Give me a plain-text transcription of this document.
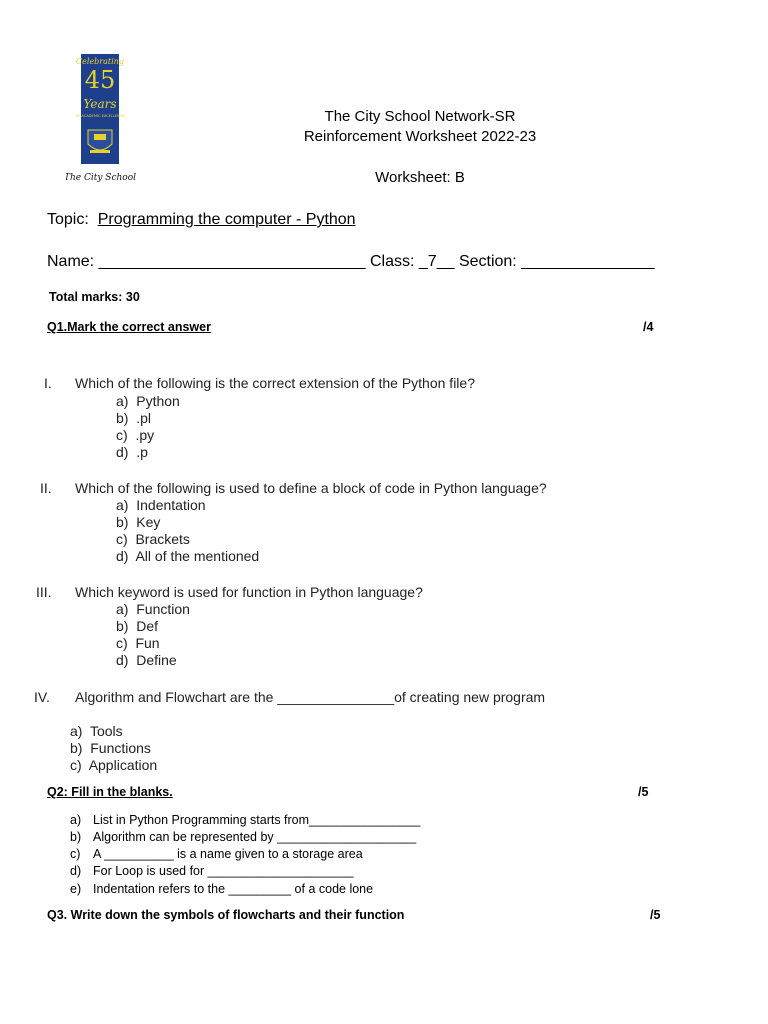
Celebrating
45
Years
OF ACADEMIC EXCELLENCE
The City School
The City School Network-SR
Reinforcement Worksheet 2022-23
Worksheet: B
Topic: Programming the computer - Python
Name: ______________________________ Class: _7__ Section: _______________
Total marks: 30
Q1.Mark the correct answer	/4
I. Which of the following is the correct extension of the Python file?
a) Python
b) .pl
c) .py
d)  .p
II. Which of the following is used to define a block of code in Python language?
a) Indentation
b) Key
c) Brackets
d) All of the mentioned
III. Which keyword is used for function in Python language?
a) Function
b) Def
c) Fun
d) Define
IV. Algorithm and Flowchart are the _______________of creating new program
a) Tools
b) Functions
c) Application
Q2: Fill in the blanks.	/5
a) List in Python Programming starts from________________
b) Algorithm can be represented by ____________________
c) A __________ is a name given to a storage area
d) For Loop is used for _____________________
e) Indentation refers to the _________ of a code lone
Q3. Write down the symbols of flowcharts and their function	/5
